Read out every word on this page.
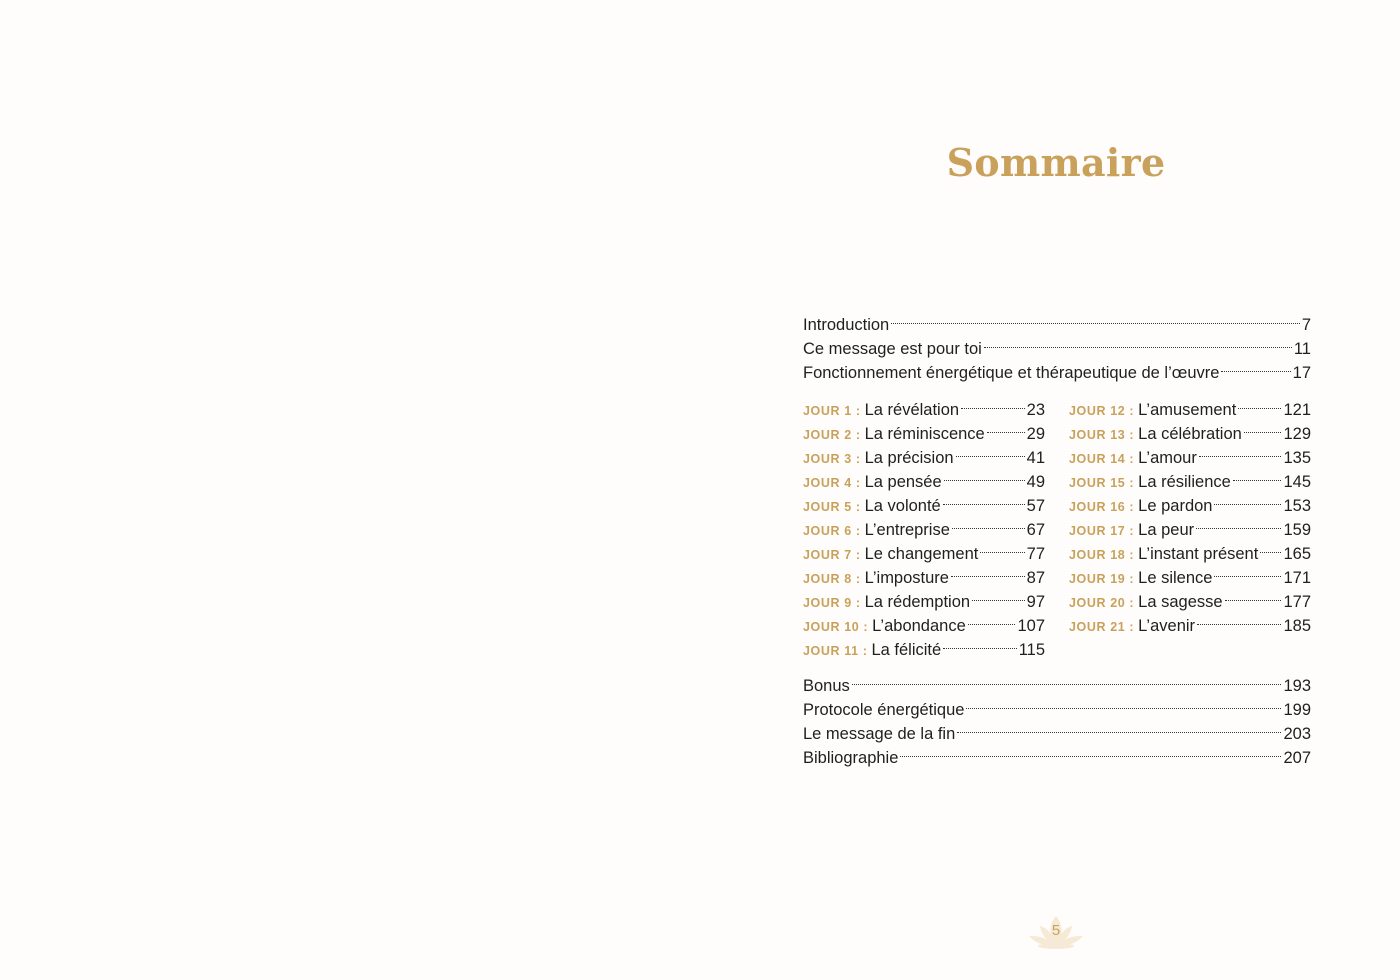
Sommaire
Introduction	7
Ce message est pour toi	11
Fonctionnement énergétique et thérapeutique de l’œuvre	17
JOUR 1 : La révélation	23
JOUR 2 : La réminiscence	29
JOUR 3 : La précision	41
JOUR 4 : La pensée	49
JOUR 5 : La volonté	57
JOUR 6 : L’entreprise	67
JOUR 7 : Le changement	77
JOUR 8 : L’imposture	87
JOUR 9 : La rédemption	97
JOUR 10 : L’abondance	107
JOUR 11 : La félicité	115
JOUR 12 : L’amusement	121
JOUR 13 : La célébration	129
JOUR 14 : L’amour	135
JOUR 15 : La résilience	145
JOUR 16 : Le pardon	153
JOUR 17 : La peur	159
JOUR 18 : L’instant présent 165
JOUR 19 : Le silence	171
JOUR 20 : La sagesse	177
JOUR 21 : L’avenir	185
Bonus	193
Protocole énergétique	199
Le message de la fin	203
Bibliographie	207
5
